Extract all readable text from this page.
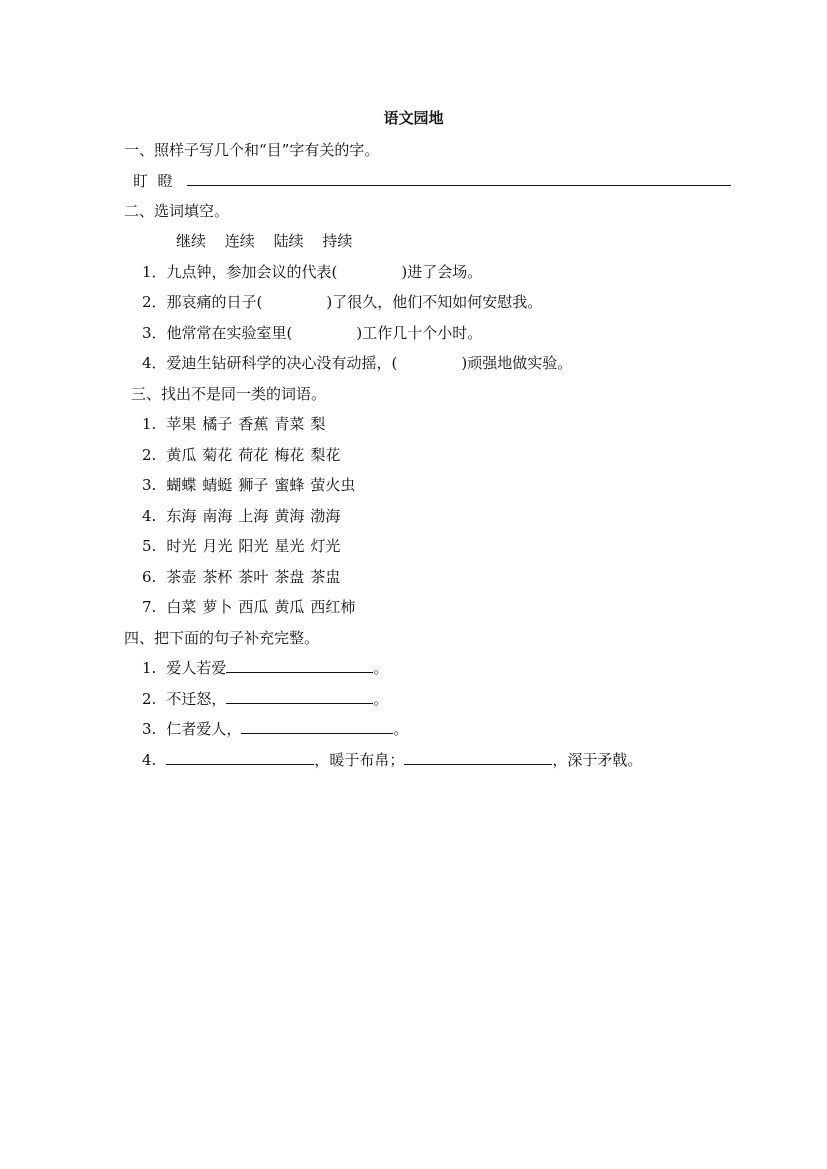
语文园地
一、照样子写几个和“目”字有关的字。
盯  瞪
二、选词填空。
继续 连续 陆续 持续
1．九点钟，参加会议的代表(	)进了会场。
2．那哀痛的日子(	)了很久，他们不知如何安慰我。
3．他常常在实验室里(	)工作几十个小时。
4．爱迪生钻研科学的决心没有动摇，(	)顽强地做实验。
三、找出不是同一类的词语。
1. 苹果 橘子 香蕉 青菜 梨
2. 黄瓜 菊花 荷花 梅花 梨花
3. 蝴蝶 蜻蜓 狮子 蜜蜂 萤火虫
4. 东海 南海 上海 黄海 渤海
5. 时光 月光 阳光 星光 灯光
6. 茶壶 茶杯 茶叶 茶盘 茶盅
7. 白菜 萝卜 西瓜 黄瓜 西红柿
四、把下面的句子补充完整。
1. 爱人若爱	。
2. 不迁怒，	。
3. 仁者爱人，	。
4.	，暖于布帛；	，深于矛戟。
